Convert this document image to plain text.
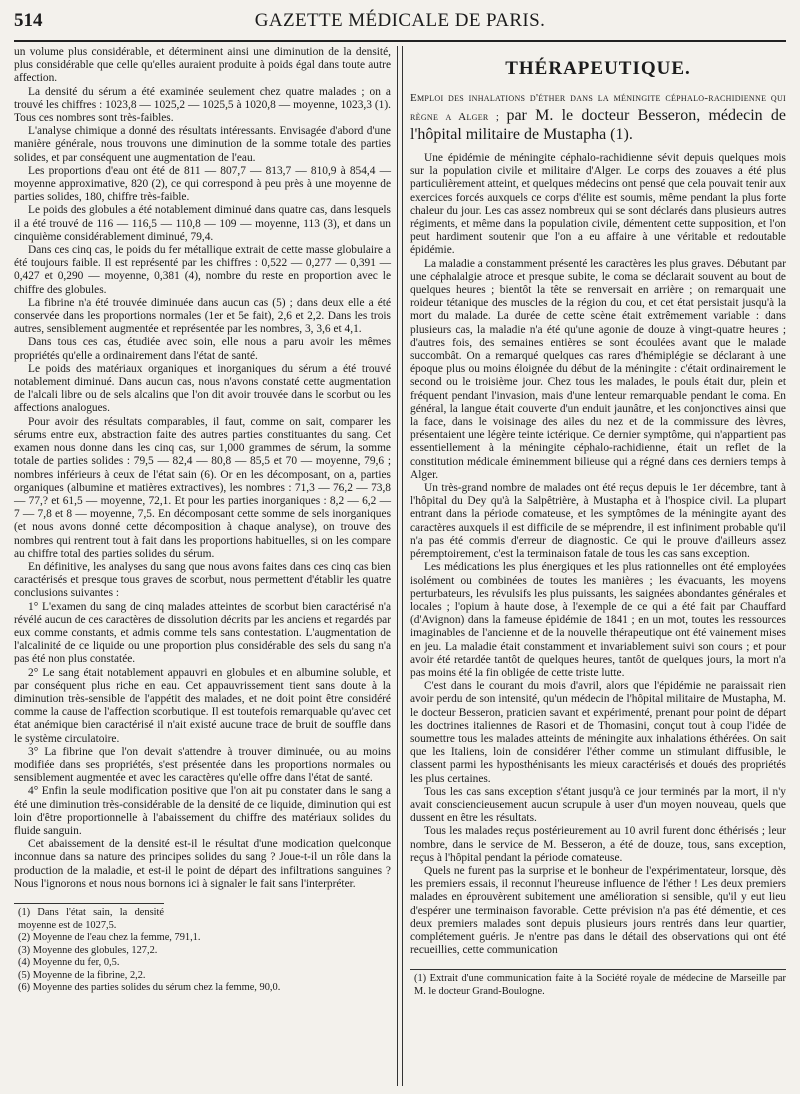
514	GAZETTE MÉDICALE DE PARIS.

un volume plus considérable, et déterminent ainsi une diminution de la densité, plus considérable que celle qu'elles auraient produite à poids égal dans toute autre affection.

La densité du sérum a été examinée seulement chez quatre malades ; on a trouvé les chiffres : 1023,8 — 1025,2 — 1025,5 à 1020,8 — moyenne, 1023,3 (1). Tous ces nombres sont très-faibles.

L'analyse chimique a donné des résultats intéressants. Envisagée d'abord d'une manière générale, nous trouvons une diminution de la somme totale des parties solides, et par conséquent une augmentation de l'eau.

Les proportions d'eau ont été de 811 — 807,7 — 813,7 — 810,9 à 854,4 — moyenne approximative, 820 (2), ce qui correspond à peu près à une moyenne de parties solides, 180, chiffre très-faible.

Le poids des globules a été notablement diminué dans quatre cas, dans lesquels il a été trouvé de 116 — 116,5 — 110,8 — 109 — moyenne, 113 (3), et dans un cinquième considérablement diminué, 79,4.

Dans ces cinq cas, le poids du fer métallique extrait de cette masse globulaire a été toujours faible. Il est représenté par les chiffres : 0,522 — 0,277 — 0,391 — 0,427 et 0,290 — moyenne, 0,381 (4), nombre du reste en proportion avec le chiffre des globules.

La fibrine n'a été trouvée diminuée dans aucun cas (5) ; dans deux elle a été conservée dans les proportions normales (1er et 5e fait), 2,6 et 2,2. Dans les trois autres, sensiblement augmentée et représentée par les nombres, 3, 3,6 et 4,1.

Dans tous ces cas, étudiée avec soin, elle nous a paru avoir les mêmes propriétés qu'elle a ordinairement dans l'état de santé.

Le poids des matériaux organiques et inorganiques du sérum a été trouvé notablement diminué. Dans aucun cas, nous n'avons constaté cette augmentation de l'alcali libre ou de sels alcalins que l'on dit avoir trouvée dans le scorbut ou les affections analogues.

Pour avoir des résultats comparables, il faut, comme on sait, comparer les sérums entre eux, abstraction faite des autres parties constituantes du sang. Cet examen nous donne dans les cinq cas, sur 1,000 grammes de sérum, la somme totale de parties solides : 79,5 — 82,4 — 80,8 — 85,5 et 70 — moyenne, 79,6 ; nombres inférieurs à ceux de l'état sain (6). Or en les décomposant, on a, parties organiques (albumine et matières extractives), les nombres : 71,3 — 76,2 — 73,8 — 77,? et 61,5 — moyenne, 72,1. Et pour les parties inorganiques : 8,2 — 6,2 — 7 — 7,8 et 8 — moyenne, 7,5. En décomposant cette somme de sels inorganiques (et nous avons donné cette décomposition à chaque analyse), on trouve des nombres qui rentrent tout à fait dans les proportions habituelles, si on les compare au chiffre total des parties solides du sérum.

En définitive, les analyses du sang que nous avons faites dans ces cinq cas bien caractérisés et presque tous graves de scorbut, nous permettent d'établir les quatre conclusions suivantes :

1° L'examen du sang de cinq malades atteintes de scorbut bien caractérisé n'a révélé aucun de ces caractères de dissolution décrits par les anciens et regardés par eux comme constants, et admis comme tels sans contestation. L'augmentation de l'alcalinité de ce liquide ou une proportion plus considérable des sels du sang n'a pas été non plus constatée.

2° Le sang était notablement appauvri en globules et en albumine soluble, et par conséquent plus riche en eau. Cet appauvrissement tient sans doute à la diminution très-sensible de l'appétit des malades, et ne doit point être considéré comme la cause de l'affection scorbutique. Il est toutefois remarquable qu'avec cet état anémique bien caractérisé il n'ait existé aucune trace de bruit de souffle dans le système circulatoire.

3° La fibrine que l'on devait s'attendre à trouver diminuée, ou au moins modifiée dans ses propriétés, s'est présentée dans les proportions normales ou sensiblement augmentée et avec les caractères qu'elle offre dans l'état de santé.

4° Enfin la seule modification positive que l'on ait pu constater dans le sang a été une diminution très-considérable de la densité de ce liquide, diminution qui est loin d'être proportionnelle à l'abaissement du chiffre des matériaux solides du fluide sanguin.

Cet abaissement de la densité est-il le résultat d'une modication quelconque inconnue dans sa nature des principes solides du sang ? Joue-t-il un rôle dans la production de la maladie, et est-il le point de départ des infiltrations sanguines ? Nous l'ignorons et nous nous bornons ici à signaler le fait sans l'interpréter.

(1) Dans l'état sain, la densité moyenne est de 1027,5.

(2) Moyenne de l'eau chez la femme, 791,1.
(3) Moyenne des globules, 127,2.
(4) Moyenne du fer, 0,5.
(5) Moyenne de la fibrine, 2,2.
(6) Moyenne des parties solides du sérum chez la femme, 90,0.
THÉRAPEUTIQUE.
Emploi des inhalations d'éther dans la méningite céphalo-rachidienne qui règne a Alger ; par M. le docteur Besseron, médecin de l'hôpital militaire de Mustapha (1).

Une épidémie de méningite céphalo-rachidienne sévit depuis quelques mois sur la population civile et militaire d'Alger. Le corps des zouaves a été plus particulièrement atteint, et quelques médecins ont pensé que cela pouvait tenir aux exercices forcés auxquels ce corps d'élite est soumis, même pendant la plus forte chaleur du jour. Les cas assez nombreux qui se sont déclarés dans plusieurs autres régiments, et même dans la population civile, démentent cette supposition, et l'on peut hardiment soutenir que l'on a eu affaire à une véritable et redoutable épidémie.

La maladie a constamment présenté les caractères les plus graves. Débutant par une céphalalgie atroce et presque subite, le coma se déclarait souvent au bout de quelques heures ; bientôt la tête se renversait en arrière ; on remarquait une roideur tétanique des muscles de la région du cou, et cet état persistait jusqu'à la mort du malade. La durée de cette scène était extrêmement variable : dans plusieurs cas, la maladie n'a été qu'une agonie de douze à vingt-quatre heures ; d'autres fois, des semaines entières se sont écoulées avant que le malade succombât. On a remarqué quelques cas rares d'hémiplégie se déclarant à une époque plus ou moins éloignée du début de la méningite : c'était ordinairement le second ou le troisième jour. Chez tous les malades, le pouls était dur, plein et fréquent pendant l'invasion, mais d'une lenteur remarquable pendant le coma. En général, la langue était couverte d'un enduit jaunâtre, et les conjonctives ainsi que la face, dans le voisinage des ailes du nez et de la commissure des lèvres, présentaient une légère teinte ictérique. Ce dernier symptôme, qui n'appartient pas essentiellement à la méningite céphalo-rachidienne, était un reflet de la constitution médicale éminemment bilieuse qui a régné dans ces derniers temps à Alger.

Un très-grand nombre de malades ont été reçus depuis le 1er décembre, tant à l'hôpital du Dey qu'à la Salpêtrière, à Mustapha et à l'hospice civil. La plupart entrant dans la période comateuse, et les symptômes de la méningite ayant des caractères auxquels il est difficile de se méprendre, il est infiniment probable qu'il n'a pas été commis d'erreur de diagnostic. Ce qui le prouve d'ailleurs assez péremptoirement, c'est la terminaison fatale de tous les cas sans exception.

Les médications les plus énergiques et les plus rationnelles ont été employées isolément ou combinées de toutes les manières ; les évacuants, les moyens perturbateurs, les révulsifs les plus puissants, les saignées abondantes générales et locales ; l'opium à haute dose, à l'exemple de ce qui a été fait par Chauffard (d'Avignon) dans la fameuse épidémie de 1841 ; en un mot, toutes les ressources imaginables de l'ancienne et de la nouvelle thérapeutique ont été vainement mises en jeu. La maladie était constamment et invariablement suivi son cours ; et pour avoir été retardée tantôt de quelques heures, tantôt de quelques jours, la mort n'a pas moins été la fin obligée de cette triste lutte.

C'est dans le courant du mois d'avril, alors que l'épidémie ne paraissait rien avoir perdu de son intensité, qu'un médecin de l'hôpital militaire de Mustapha, M. le docteur Besseron, praticien savant et expérimenté, prenant pour point de départ les doctrines italiennes de Rasori et de Thomasini, conçut tout à coup l'idée de soumettre tous les malades atteints de méningite aux inhalations éthérées. On sait que les Italiens, loin de considérer l'éther comme un stimulant diffusible, le classent parmi les hyposthénisants les mieux caractérisés et doués des propriétés les plus certaines.

Tous les cas sans exception s'étant jusqu'à ce jour terminés par la mort, il n'y avait consciencieusement aucun scrupule à user d'un moyen nouveau, quels que dussent en être les résultats.

Tous les malades reçus postérieurement au 10 avril furent donc éthérisés ; leur nombre, dans le service de M. Besseron, a été de douze, tous, sans exception, reçus à l'hôpital pendant la période comateuse.

Quels ne furent pas la surprise et le bonheur de l'expérimentateur, lorsque, dès les premiers essais, il reconnut l'heureuse influence de l'éther ! Les deux premiers malades en éprouvèrent subitement une amélioration si sensible, qu'il y eut lieu d'espérer une terminaison favorable. Cette prévision n'a pas été démentie, et ces deux premiers malades sont depuis plusieurs jours rentrés dans leur quartier, complétement guéris. Je n'entre pas dans le détail des observations qui ont été recueillies, cette communication

(1) Extrait d'une communication faite à la Société royale de médecine de Marseille par M. le docteur Grand-Boulogne.
